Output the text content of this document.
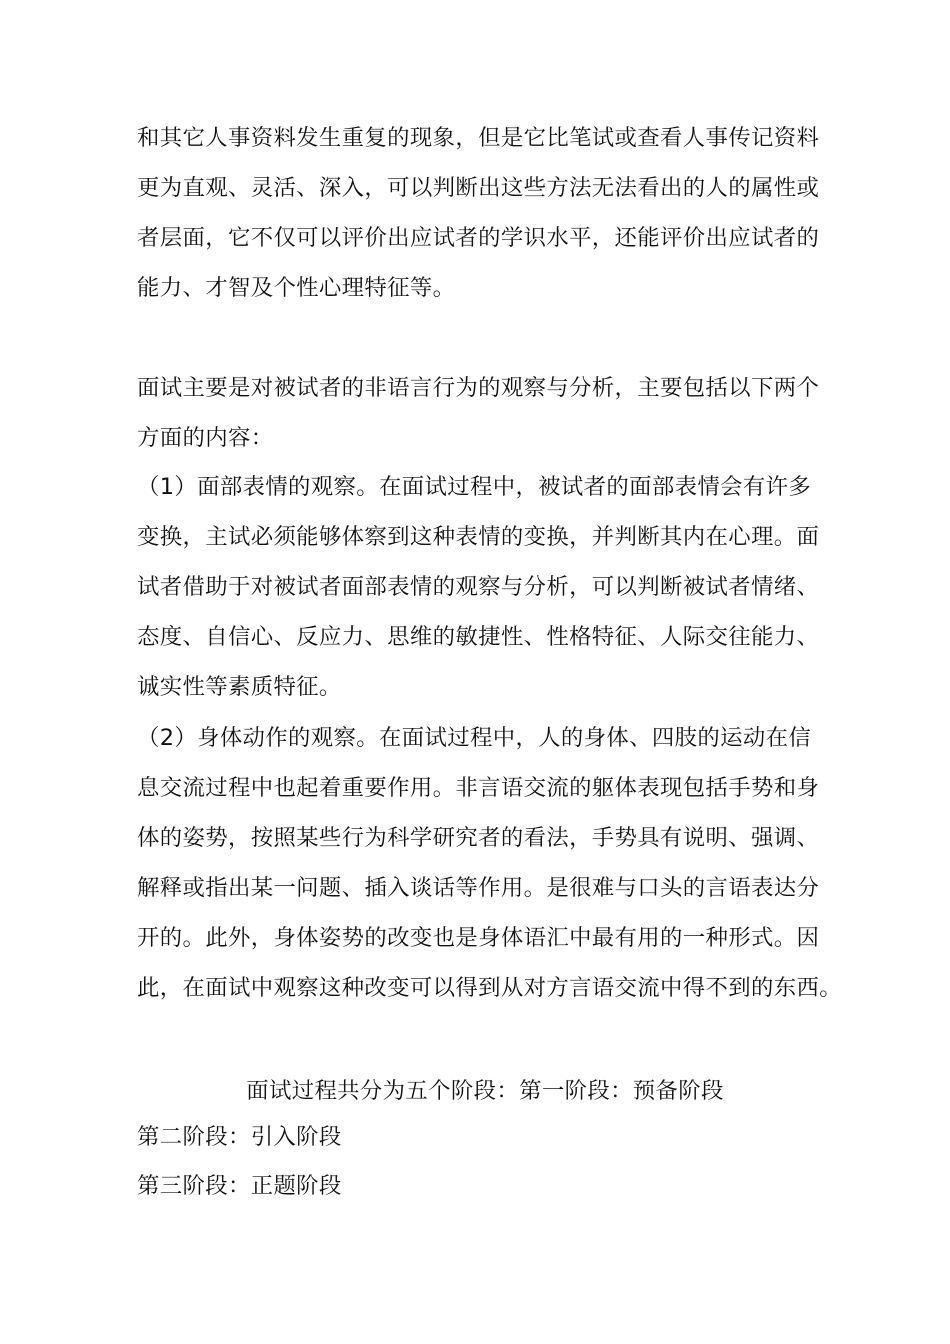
和其它人事资料发生重复的现象，但是它比笔试或查看人事传记资料
更为直观、灵活、深入，可以判断出这些方法无法看出的人的属性或
者层面，它不仅可以评价出应试者的学识水平，还能评价出应试者的
能力、才智及个性心理特征等。

面试主要是对被试者的非语言行为的观察与分析，主要包括以下两个
方面的内容：

（1）面部表情的观察。在面试过程中，被试者的面部表情会有许多
变换，主试必须能够体察到这种表情的变换，并判断其内在心理。面
试者借助于对被试者面部表情的观察与分析，可以判断被试者情绪、
态度、自信心、反应力、思维的敏捷性、性格特征、人际交往能力、
诚实性等素质特征。

（2）身体动作的观察。在面试过程中，人的身体、四肢的运动在信
息交流过程中也起着重要作用。非言语交流的躯体表现包括手势和身
体的姿势，按照某些行为科学研究者的看法，手势具有说明、强调、
解释或指出某一问题、插入谈话等作用。是很难与口头的言语表达分
开的。此外，身体姿势的改变也是身体语汇中最有用的一种形式。因
此，在面试中观察这种改变可以得到从对方言语交流中得不到的东西。

面试过程共分为五个阶段：第一阶段：预备阶段
第二阶段：引入阶段
第三阶段：正题阶段
